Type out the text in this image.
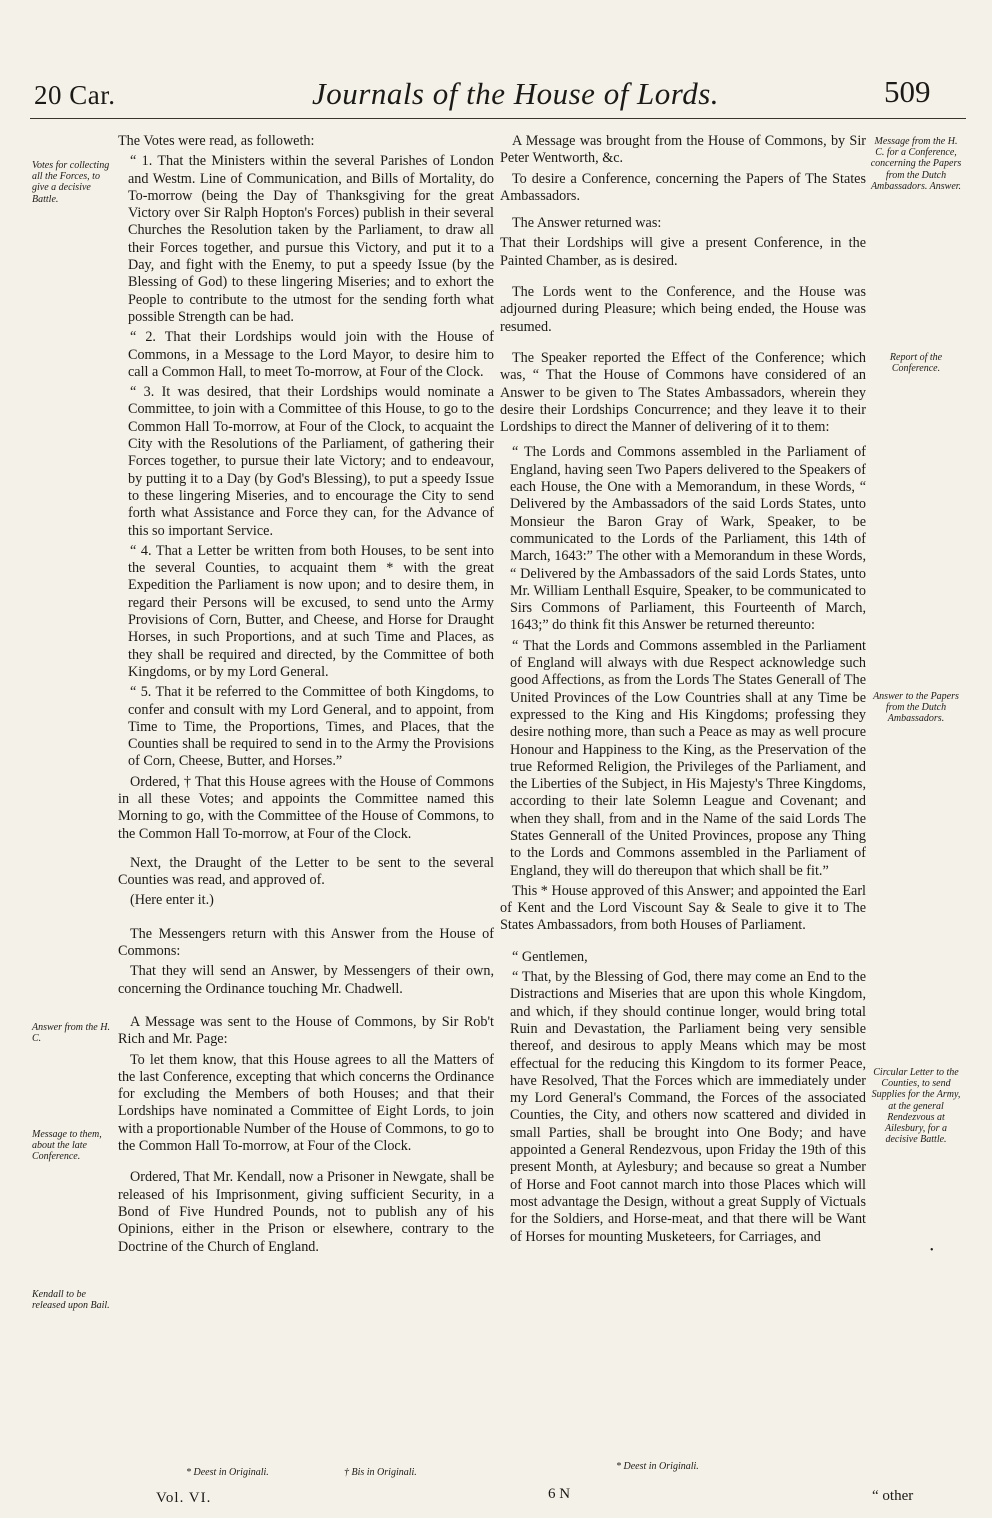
20 Car.	Journals of the House of Lords.	509

The Votes were read, as followeth:

“ 1. That the Ministers within the several Parishes of London and Westm. Line of Communication, and Bills of Mortality, do To-morrow (being the Day of Thanksgiving for the great Victory over Sir Ralph Hopton's Forces) publish in their several Churches the Resolution taken by the Parliament, to draw all their Forces together, and pursue this Victory, and put it to a Day, and fight with the Enemy, to put a speedy Issue (by the Blessing of God) to these lingering Miseries; and to exhort the People to contribute to the utmost for the sending forth what possible Strength can be had.

“ 2. That their Lordships would join with the House of Commons, in a Message to the Lord Mayor, to desire him to call a Common Hall, to meet To-morrow, at Four of the Clock.

“ 3. It was desired, that their Lordships would nominate a Committee, to join with a Committee of this House, to go to the Common Hall To-morrow, at Four of the Clock, to acquaint the City with the Resolutions of the Parliament, of gathering their Forces together, to pursue their late Victory; and to endeavour, by putting it to a Day (by God's Blessing), to put a speedy Issue to these lingering Miseries, and to encourage the City to send forth what Assistance and Force they can, for the Advance of this so important Service.

“ 4. That a Letter be written from both Houses, to be sent into the several Counties, to acquaint them * with the great Expedition the Parliament is now upon; and to desire them, in regard their Persons will be excused, to send unto the Army Provisions of Corn, Butter, and Cheese, and Horse for Draught Horses, in such Proportions, and at such Time and Places, as they shall be required and directed, by the Committee of both Kingdoms, or by my Lord General.

“ 5. That it be referred to the Committee of both Kingdoms, to confer and consult with my Lord General, and to appoint, from Time to Time, the Proportions, Times, and Places, that the Counties shall be required to send in to the Army the Provisions of Corn, Cheese, Butter, and Horses.”

Ordered, † That this House agrees with the House of Commons in all these Votes; and appoints the Committee named this Morning to go, with the Committee of the House of Commons, to the Common Hall To-morrow, at Four of the Clock.

Next, the Draught of the Letter to be sent to the several Counties was read, and approved of.

(Here enter it.)

The Messengers return with this Answer from the House of Commons:

That they will send an Answer, by Messengers of their own, concerning the Ordinance touching Mr. Chadwell.

A Message was sent to the House of Commons, by Sir Rob't Rich and Mr. Page:

To let them know, that this House agrees to all the Matters of the last Conference, excepting that which concerns the Ordinance for excluding the Members of both Houses; and that their Lordships have nominated a Committee of Eight Lords, to join with a proportionable Number of the House of Commons, to go to the Common Hall To-morrow, at Four of the Clock.

Ordered, That Mr. Kendall, now a Prisoner in Newgate, shall be released of his Imprisonment, giving sufficient Security, in a Bond of Five Hundred Pounds, not to publish any of his Opinions, either in the Prison or elsewhere, contrary to the Doctrine of the Church of England.

A Message was brought from the House of Commons, by Sir Peter Wentworth, &c.

To desire a Conference, concerning the Papers of The States Ambassadors.

The Answer returned was:

That their Lordships will give a present Conference, in the Painted Chamber, as is desired.

The Lords went to the Conference, and the House was adjourned during Pleasure; which being ended, the House was resumed.

The Speaker reported the Effect of the Conference; which was, “ That the House of Commons have considered of an Answer to be given to The States Ambassadors, wherein they desire their Lordships Concurrence; and they leave it to their Lordships to direct the Manner of delivering of it to them:

“ The Lords and Commons assembled in the Parliament of England, having seen Two Papers delivered to the Speakers of each House, the One with a Memorandum, in these Words, “ Delivered by the Ambassadors of the said Lords States, unto Monsieur the Baron Gray of Wark, Speaker, to be communicated to the Lords of the Parliament, this 14th of March, 1643:” The other with a Memorandum in these Words, “ Delivered by the Ambassadors of the said Lords States, unto Mr. William Lenthall Esquire, Speaker, to be communicated to Sirs Commons of Parliament, this Fourteenth of March, 1643;” do think fit this Answer be returned thereunto:

“ That the Lords and Commons assembled in the Parliament of England will always with due Respect acknowledge such good Affections, as from the Lords The States Generall of The United Provinces of the Low Countries shall at any Time be expressed to the King and His Kingdoms; professing they desire nothing more, than such a Peace as may as well procure Honour and Happiness to the King, as the Preservation of the true Reformed Religion, the Privileges of the Parliament, and the Liberties of the Subject, in His Majesty's Three Kingdoms, according to their late Solemn League and Covenant; and when they shall, from and in the Name of the said Lords The States Gennerall of the United Provinces, propose any Thing to the Lords and Commons assembled in the Parliament of England, they will do thereupon that which shall be fit.”

This * House approved of this Answer; and appointed the Earl of Kent and the Lord Viscount Say & Seale to give it to The States Ambassadors, from both Houses of Parliament.

“ Gentlemen,

“ That, by the Blessing of God, there may come an End to the Distractions and Miseries that are upon this whole Kingdom, and which, if they should continue longer, would bring total Ruin and Devastation, the Parliament being very sensible thereof, and desirous to apply Means which may be most effectual for the reducing this Kingdom to its former Peace, have Resolved, That the Forces which are immediately under my Lord General's Command, the Forces of the associated Counties, the City, and others now scattered and divided in small Parties, shall be brought into One Body; and have appointed a General Rendezvous, upon Friday the 19th of this present Month, at Aylesbury; and because so great a Number of Horse and Foot cannot march into those Places which will most advantage the Design, without a great Supply of Victuals for the Soldiers, and Horse-meat, and that there will be Want of Horses for mounting Musketeers, for Carriages, and

Votes for collecting all the Forces, to give a decisive Battle.
Answer from the H. C.
Message to them, about the late Conference.
Kendall to be released upon Bail.
Message from the H. C. for a Conference, concerning the Papers from the Dutch Ambassadors. Answer.
Report of the Conference.
Answer to the Papers from the Dutch Ambassadors.
Circular Letter to the Counties, to send Supplies for the Army, at the general Rendezvous at Ailesbury, for a decisive Battle.
•
* Deest in Originali.	† Bis in Originali.
* Deest in Originali.
Vol. VI.	6 N	“ other
